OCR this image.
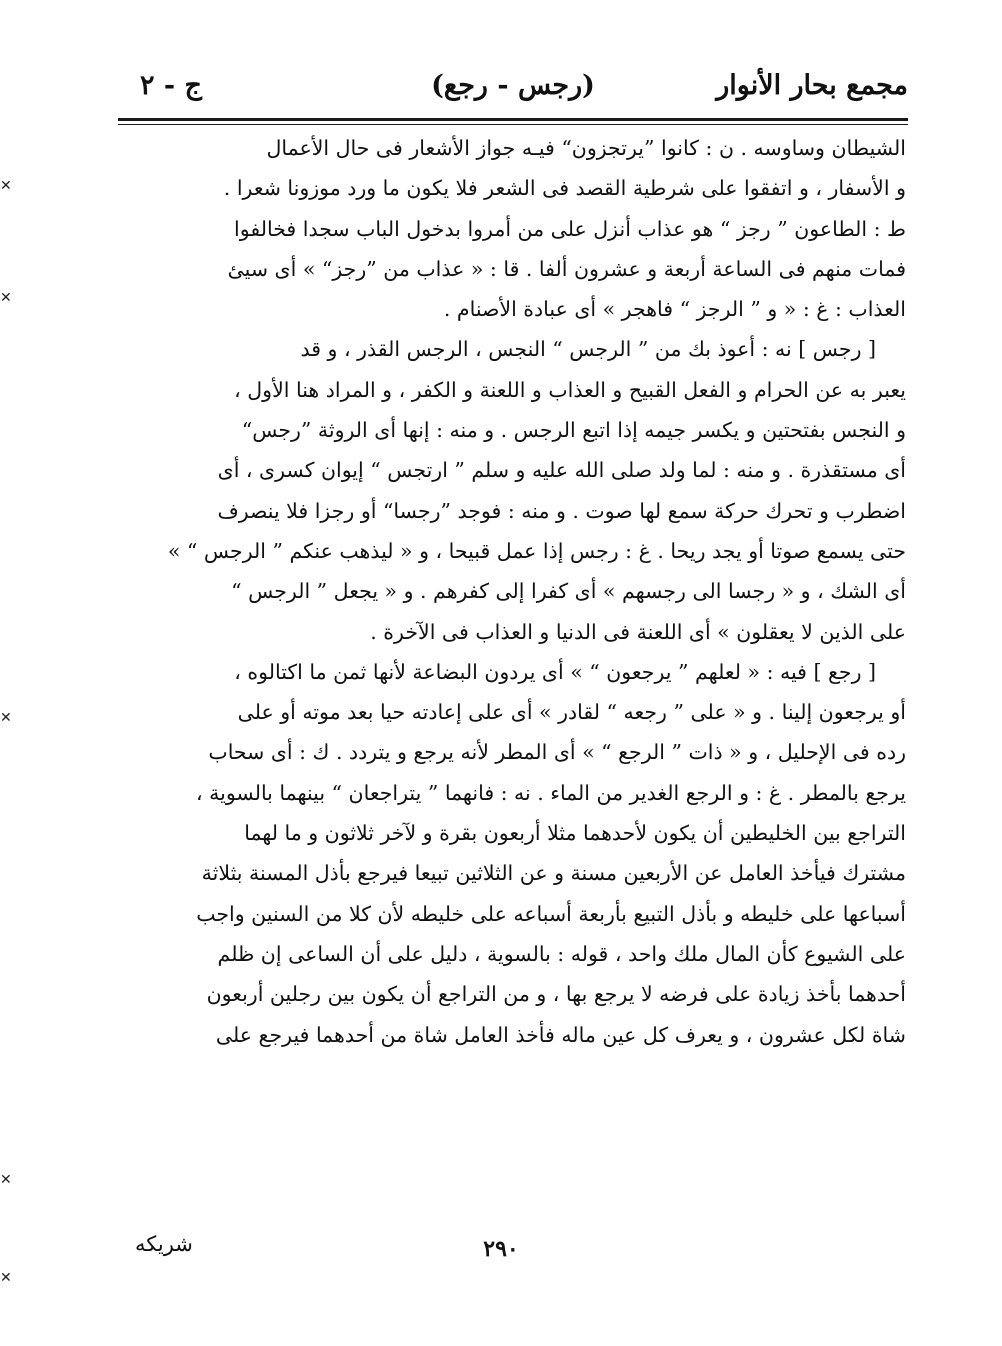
✕
✕
✕
✕
✕
مجمع بحار الأنوار
(رجس - رجع)
ج - ٢
الشيطان وساوسه . ن : كانوا ”يرتجزون“ فيـه جواز الأشعار فى حال الأعمال
و الأسفار ، و اتفقوا على شرطية القصد فى الشعر فلا يكون ما ورد موزونا شعرا .
ط : الطاعون ” رجز “ هو عذاب أنزل على من أمروا بدخول الباب سجدا فخالفوا
فمات منهم فى الساعة أربعة و عشرون ألفا . قا : « عذاب من ”رجز“ » أى سيئ
العذاب : غ : « و ” الرجز “ فاهجر » أى عبادة الأصنام .
[ رجس ] نه : أعوذ بك من ” الرجس “ النجس ، الرجس القذر ، و قد
يعبر به عن الحرام و الفعل القبيح و العذاب و اللعنة و الكفر ، و المراد هنا الأول ،
و النجس بفتحتين و يكسر جيمه إذا اتبع الرجس . و منه : إنها أى الروثة ”رجس“
أى مستقذرة . و منه : لما ولد صلى الله عليه و سلم ” ارتجس “ إيوان كسرى ، أى
اضطرب و تحرك حركة سمع لها صوت . و منه : فوجد ”رجسا“ أو رجزا فلا ينصرف
حتى يسمع صوتا أو يجد ريحا . غ : رجس إذا عمل قبيحا ، و « ليذهب عنكم ” الرجس “ »
أى الشك ، و « رجسا الى رجسهم » أى كفرا إلى كفرهم . و « يجعل ” الرجس “
على الذين لا يعقلون » أى اللعنة فى الدنيا و العذاب فى الآخرة .
[ رجع ] فيه : « لعلهم ” يرجعون “ » أى يردون البضاعة لأنها ثمن ما اكتالوه ،
أو يرجعون إلينا . و « على ” رجعه “ لقادر » أى على إعادته حيا بعد موته أو على
رده فى الإحليل ، و « ذات ” الرجع “ » أى المطر لأنه يرجع و يتردد . ك : أى سحاب
يرجع بالمطر . غ : و الرجع الغدير من الماء . نه : فانهما ” يتراجعان “ بينهما بالسوية ،
التراجع بين الخليطين أن يكون لأحدهما مثلا أربعون بقرة و لآخر ثلاثون و ما لهما
مشترك فيأخذ العامل عن الأربعين مسنة و عن الثلاثين تبيعا فيرجع بأذل المسنة بثلاثة
أسباعها على خليطه و بأذل التبيع بأربعة أسباعه على خليطه لأن كلا من السنين واجب
على الشيوع كأن المال ملك واحد ، قوله : بالسوية ، دليل على أن الساعى إن ظلم
أحدهما بأخذ زيادة على فرضه لا يرجع بها ، و من التراجع أن يكون بين رجلين أربعون
شاة لكل عشرون ، و يعرف كل عين ماله فأخذ العامل شاة من أحدهما فيرجع على
٢٩٠
شريكه
